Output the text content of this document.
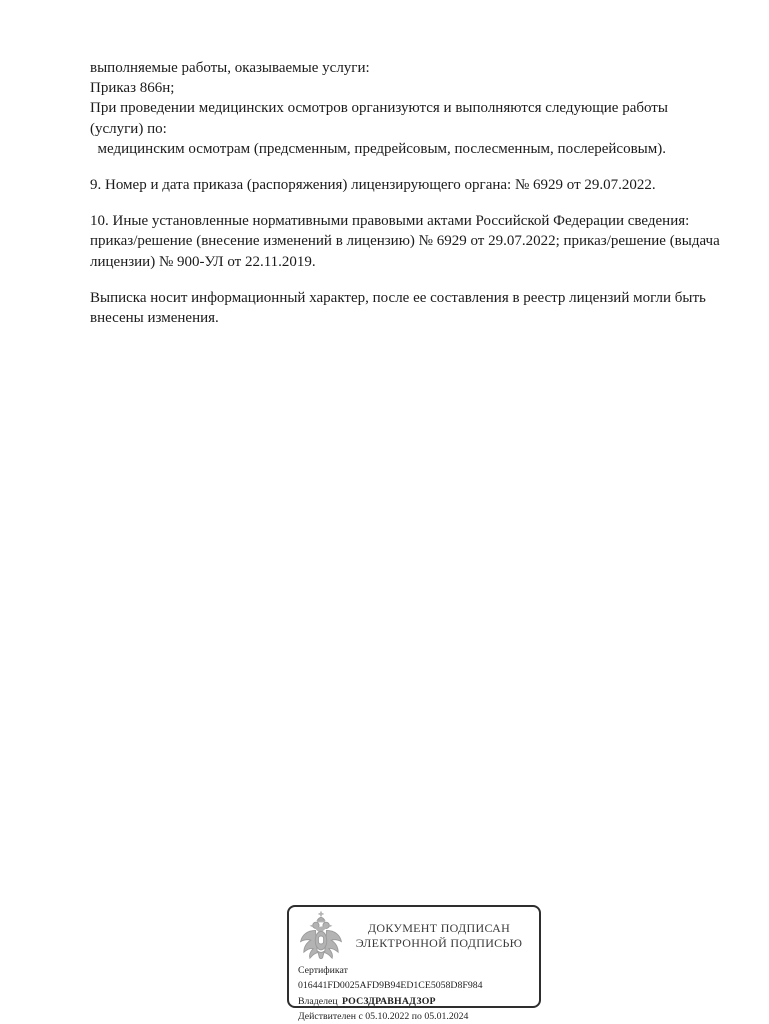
выполняемые работы, оказываемые услуги:
Приказ 866н;
При проведении медицинских осмотров организуются и выполняются следующие работы
(услуги) по:
медицинским осмотрам (предсменным, предрейсовым, послесменным, послерейсовым).
9. Номер и дата приказа (распоряжения) лицензирующего органа: № 6929 от 29.07.2022.
10. Иные установленные нормативными правовыми актами Российской Федерации сведения:
приказ/решение (внесение изменений в лицензию) № 6929 от 29.07.2022; приказ/решение (выдача
лицензии) № 900-УЛ от 22.11.2019.
Выписка носит информационный характер, после ее составления в реестр лицензий могли быть
внесены изменения.
ДОКУМЕНТ ПОДПИСАН
ЭЛЕКТРОННОЙ ПОДПИСЬЮ
Сертификат 016441FD0025AFD9B94ED1CE5058D8F984
Владелец РОСЗДРАВНАДЗОР
Действителен с 05.10.2022 по 05.01.2024
